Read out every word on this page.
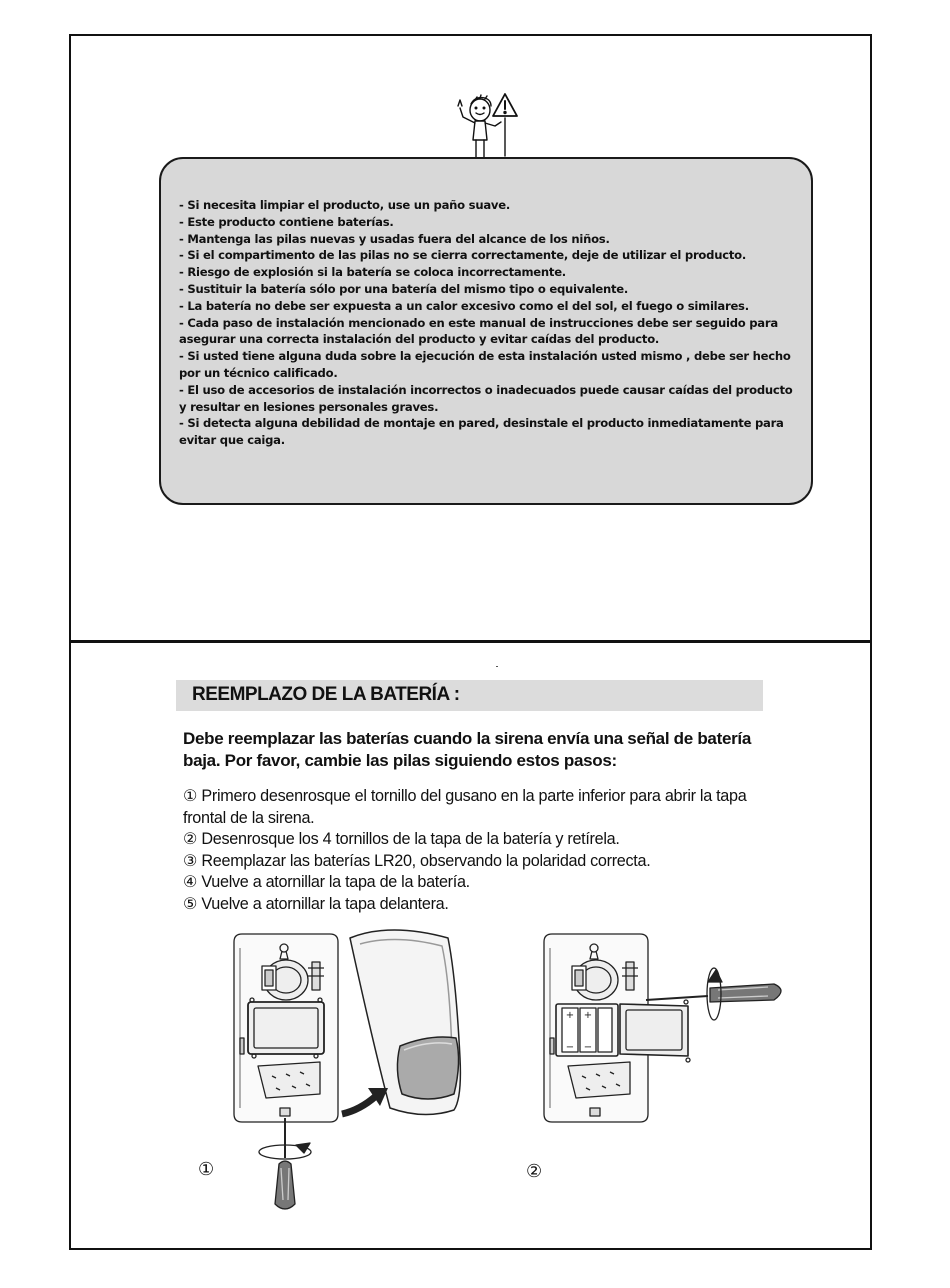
- Si necesita limpiar el producto, use un paño suave.
- Este producto contiene baterías.
- Mantenga las pilas nuevas y usadas fuera del alcance de los niños.
- Si el compartimento de las pilas no se cierra correctamente, deje de utilizar el producto.
- Riesgo de explosión si la batería se coloca incorrectamente.
- Sustituir la batería sólo por una batería del mismo tipo o equivalente.
- La batería no debe ser expuesta a un calor excesivo como el del sol, el fuego o similares.
- Cada paso de instalación mencionado en este manual de instrucciones debe ser seguido para asegurar una correcta instalación del producto y evitar caídas del producto.
- Si usted tiene alguna duda sobre la ejecución de esta instalación usted mismo , debe ser hecho por un técnico calificado.
- El uso de accesorios de instalación incorrectos o inadecuados puede causar caídas del producto y resultar en lesiones personales graves.
- Si detecta alguna debilidad de montaje en pared, desinstale el producto inmediatamente para evitar que caiga.
REEMPLAZO DE LA BATERÍA :

Debe reemplazar las baterías cuando la sirena envía una señal de batería baja. Por favor, cambie las pilas siguiendo estos pasos:

① Primero desenrosque el tornillo del gusano en la parte inferior para abrir la tapa frontal de la sirena.
② Desenrosque los 4 tornillos de la tapa de la batería y retírela.
③ Reemplazar las baterías LR20, observando la polaridad correcta.
④ Vuelve a atornillar la tapa de la batería.
⑤ Vuelve a atornillar la tapa delantera.
+ +
− −
①	②
